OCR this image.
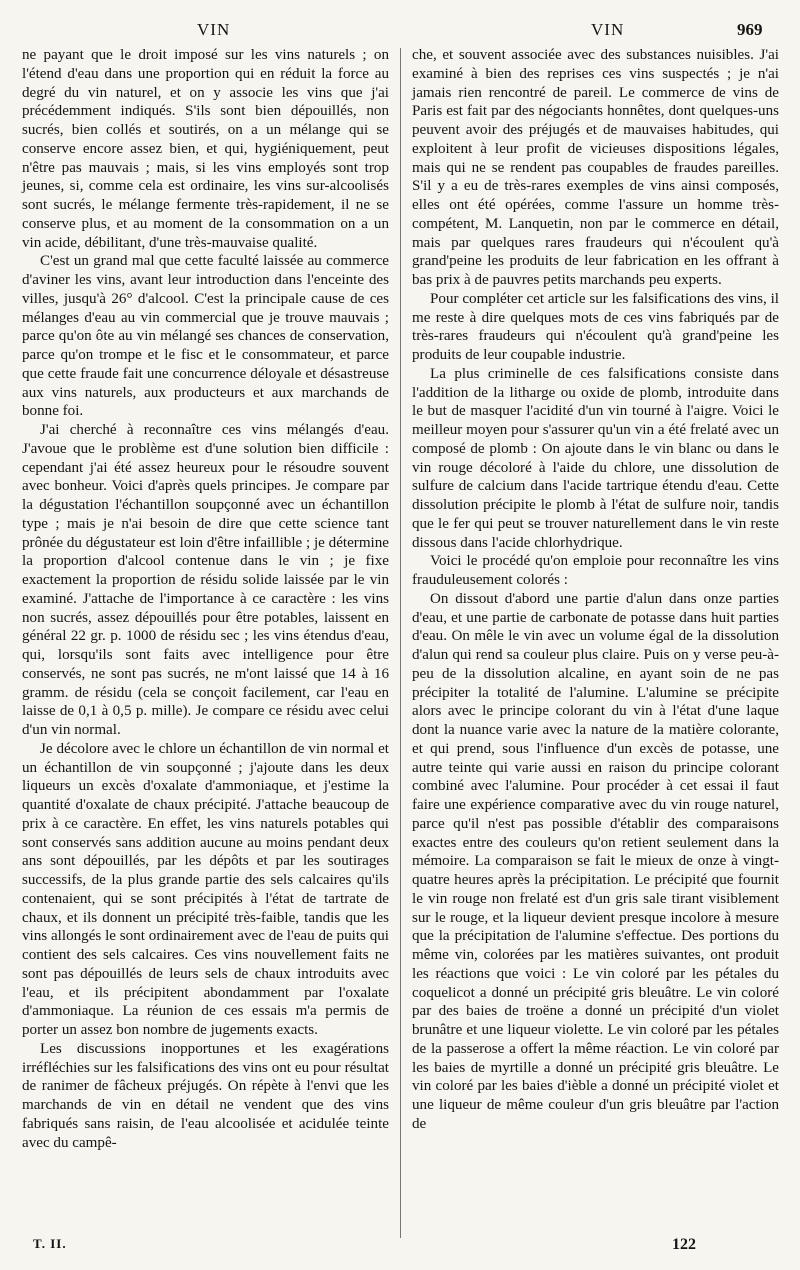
VIN	VIN	969

ne payant que le droit imposé sur les vins naturels ; on l'étend d'eau dans une proportion qui en réduit la force au degré du vin naturel, et on y associe les vins que j'ai précédemment indiqués. S'ils sont bien dépouillés, non sucrés, bien collés et soutirés, on a un mélange qui se conserve encore assez bien, et qui, hygiéniquement, peut n'être pas mauvais ; mais, si les vins employés sont trop jeunes, si, comme cela est ordinaire, les vins sur-alcoolisés sont sucrés, le mélange fermente très-rapidement, il ne se conserve plus, et au moment de la consommation on a un vin acide, débilitant, d'une très-mauvaise qualité.

C'est un grand mal que cette faculté laissée au commerce d'aviner les vins, avant leur introduction dans l'enceinte des villes, jusqu'à 26° d'alcool. C'est la principale cause de ces mélanges d'eau au vin commercial que je trouve mauvais ; parce qu'on ôte au vin mélangé ses chances de conservation, parce qu'on trompe et le fisc et le consommateur, et parce que cette fraude fait une concurrence déloyale et désastreuse aux vins naturels, aux producteurs et aux marchands de bonne foi.

J'ai cherché à reconnaître ces vins mélangés d'eau. J'avoue que le problème est d'une solution bien difficile : cependant j'ai été assez heureux pour le résoudre souvent avec bonheur. Voici d'après quels principes. Je compare par la dégustation l'échantillon soupçonné avec un échantillon type ; mais je n'ai besoin de dire que cette science tant prônée du dégustateur est loin d'être infaillible ; je détermine la proportion d'alcool contenue dans le vin ; je fixe exactement la proportion de résidu solide laissée par le vin examiné. J'attache de l'importance à ce caractère : les vins non sucrés, assez dépouillés pour être potables, laissent en général 22 gr. p. 1000 de résidu sec ; les vins étendus d'eau, qui, lorsqu'ils sont faits avec intelligence pour être conservés, ne sont pas sucrés, ne m'ont laissé que 14 à 16 gramm. de résidu (cela se conçoit facilement, car l'eau en laisse de 0,1 à 0,5 p. mille). Je compare ce résidu avec celui d'un vin normal.

Je décolore avec le chlore un échantillon de vin normal et un échantillon de vin soupçonné ; j'ajoute dans les deux liqueurs un excès d'oxalate d'ammoniaque, et j'estime la quantité d'oxalate de chaux précipité. J'attache beaucoup de prix à ce caractère. En effet, les vins naturels potables qui sont conservés sans addition aucune au moins pendant deux ans sont dépouillés, par les dépôts et par les soutirages successifs, de la plus grande partie des sels calcaires qu'ils contenaient, qui se sont précipités à l'état de tartrate de chaux, et ils donnent un précipité très-faible, tandis que les vins allongés le sont ordinairement avec de l'eau de puits qui contient des sels calcaires. Ces vins nouvellement faits ne sont pas dépouillés de leurs sels de chaux introduits avec l'eau, et ils précipitent abondamment par l'oxalate d'ammoniaque. La réunion de ces essais m'a permis de porter un assez bon nombre de jugements exacts.

Les discussions inopportunes et les exagérations irréfléchies sur les falsifications des vins ont eu pour résultat de ranimer de fâcheux préjugés. On répète à l'envi que les marchands de vin en détail ne vendent que des vins fabriqués sans raisin, de l'eau alcoolisée et acidulée teinte avec du campê-

che, et souvent associée avec des substances nuisibles. J'ai examiné à bien des reprises ces vins suspectés ; je n'ai jamais rien rencontré de pareil. Le commerce de vins de Paris est fait par des négociants honnêtes, dont quelques-uns peuvent avoir des préjugés et de mauvaises habitudes, qui exploitent à leur profit de vicieuses dispositions légales, mais qui ne se rendent pas coupables de fraudes pareilles. S'il y a eu de très-rares exemples de vins ainsi composés, elles ont été opérées, comme l'assure un homme très-compétent, M. Lanquetin, non par le commerce en détail, mais par quelques rares fraudeurs qui n'écoulent qu'à grand'peine les produits de leur fabrication en les offrant à bas prix à de pauvres petits marchands peu experts.

Pour compléter cet article sur les falsifications des vins, il me reste à dire quelques mots de ces vins fabriqués par de très-rares fraudeurs qui n'écoulent qu'à grand'peine les produits de leur coupable industrie.

La plus criminelle de ces falsifications consiste dans l'addition de la litharge ou oxide de plomb, introduite dans le but de masquer l'acidité d'un vin tourné à l'aigre. Voici le meilleur moyen pour s'assurer qu'un vin a été frelaté avec un composé de plomb : On ajoute dans le vin blanc ou dans le vin rouge décoloré à l'aide du chlore, une dissolution de sulfure de calcium dans l'acide tartrique étendu d'eau. Cette dissolution précipite le plomb à l'état de sulfure noir, tandis que le fer qui peut se trouver naturellement dans le vin reste dissous dans l'acide chlorhydrique.

Voici le procédé qu'on emploie pour reconnaître les vins frauduleusement colorés :

On dissout d'abord une partie d'alun dans onze parties d'eau, et une partie de carbonate de potasse dans huit parties d'eau. On mêle le vin avec un volume égal de la dissolution d'alun qui rend sa couleur plus claire. Puis on y verse peu-à-peu de la dissolution alcaline, en ayant soin de ne pas précipiter la totalité de l'alumine. L'alumine se précipite alors avec le principe colorant du vin à l'état d'une laque dont la nuance varie avec la nature de la matière colorante, et qui prend, sous l'influence d'un excès de potasse, une autre teinte qui varie aussi en raison du principe colorant combiné avec l'alumine. Pour procéder à cet essai il faut faire une expérience comparative avec du vin rouge naturel, parce qu'il n'est pas possible d'établir des comparaisons exactes entre des couleurs qu'on retient seulement dans la mémoire. La comparaison se fait le mieux de onze à vingt-quatre heures après la précipitation. Le précipité que fournit le vin rouge non frelaté est d'un gris sale tirant visiblement sur le rouge, et la liqueur devient presque incolore à mesure que la précipitation de l'alumine s'effectue. Des portions du même vin, colorées par les matières suivantes, ont produit les réactions que voici : Le vin coloré par les pétales du coquelicot a donné un précipité gris bleuâtre. Le vin coloré par des baies de troëne a donné un précipité d'un violet brunâtre et une liqueur violette. Le vin coloré par les pétales de la passerose a offert la même réaction. Le vin coloré par les baies de myrtille a donné un précipité gris bleuâtre. Le vin coloré par les baies d'ièble a donné un précipité violet et une liqueur de même couleur d'un gris bleuâtre par l'action de

T. II.	122
